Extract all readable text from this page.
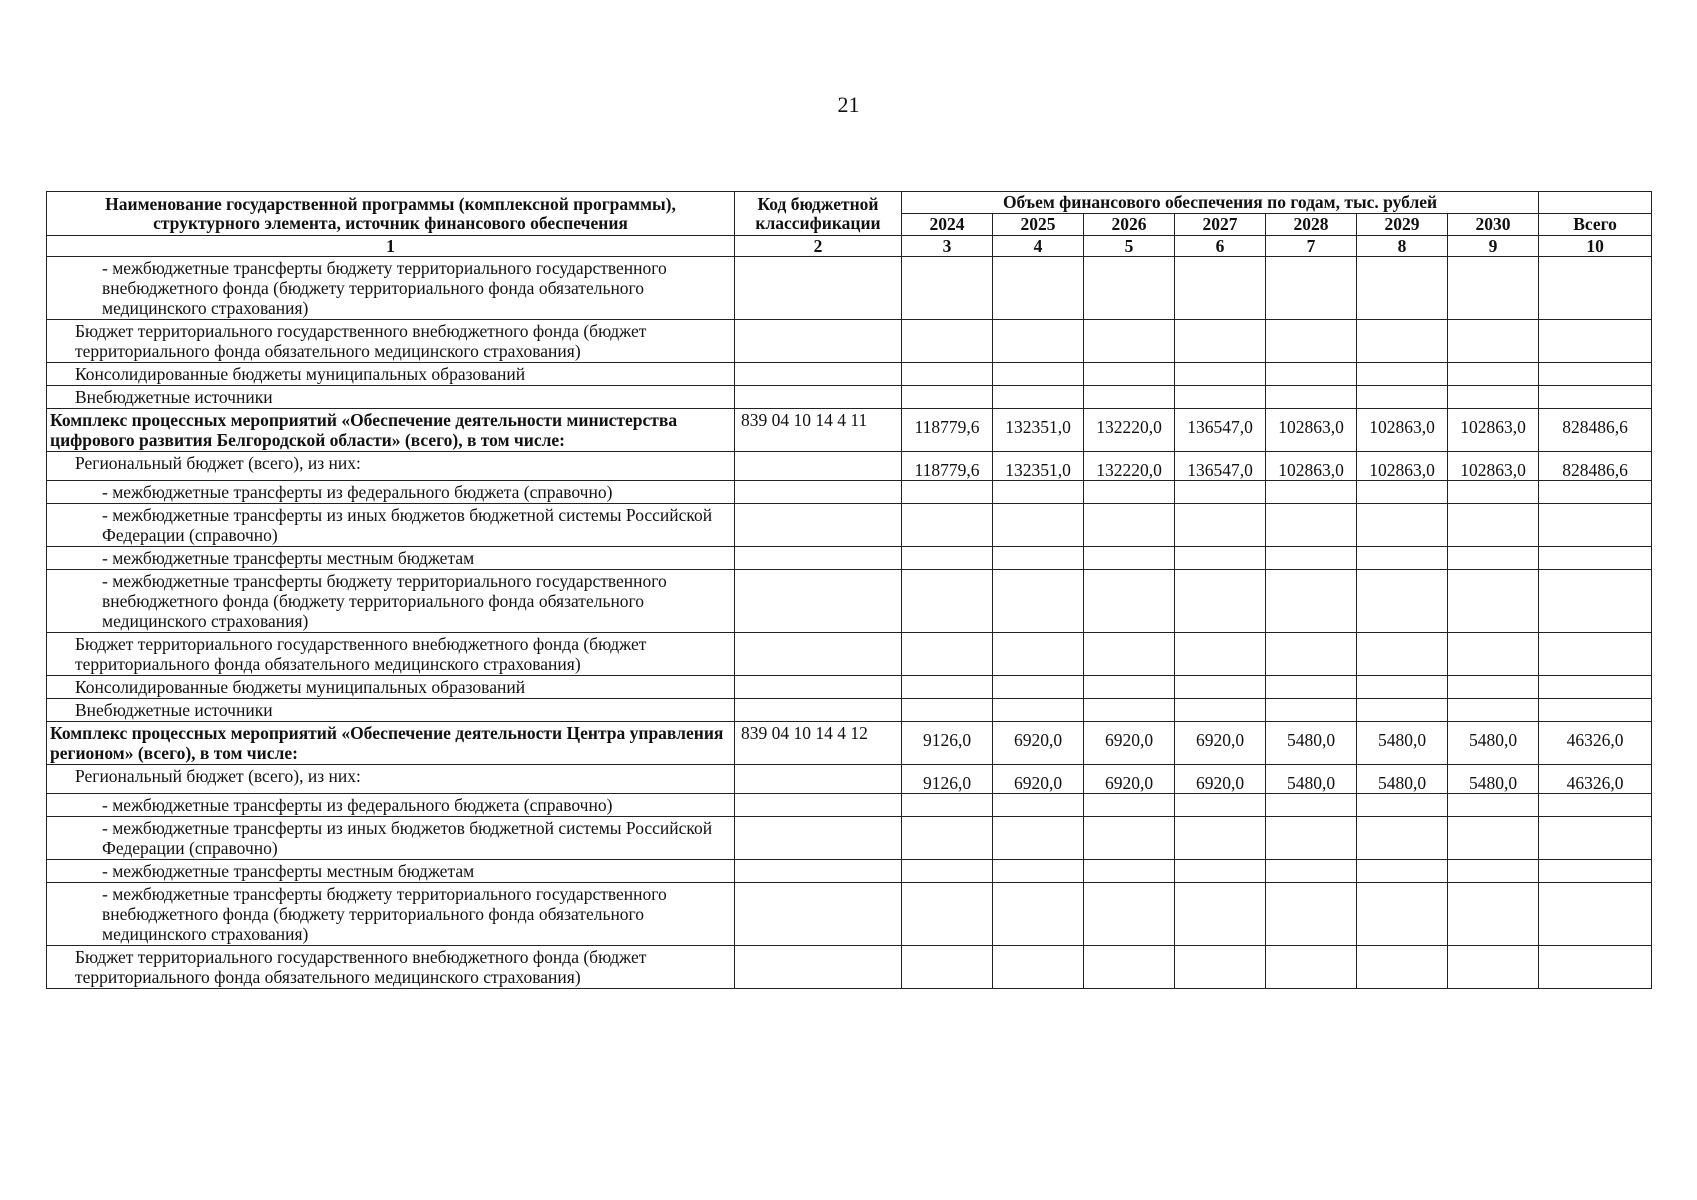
21
Наименование государственной программы (комплексной программы), структурного элемента, источник финансового обеспечения	Код бюджетной классификации	Объем финансового обеспечения по годам, тыс. рублей							
		2024	2025	2026	2027	2028	2029	2030	Всего
1	2	3	4	5	6	7	8	9	10
- межбюджетные трансферты бюджету территориального государственного внебюджетного фонда (бюджету территориального фонда обязательного медицинского страхования)									
Бюджет территориального государственного внебюджетного фонда (бюджет территориального фонда обязательного медицинского страхования)									
Консолидированные бюджеты муниципальных образований									
Внебюджетные источники									
Комплекс процессных мероприятий «Обеспечение деятельности министерства цифрового развития Белгородской области» (всего), в том числе:	839 04 10 14 4 11	118779,6	132351,0	132220,0	136547,0	102863,0	102863,0	102863,0	828486,6
Региональный бюджет (всего), из них:		118779,6	132351,0	132220,0	136547,0	102863,0	102863,0	102863,0	828486,6
- межбюджетные трансферты из федерального бюджета (справочно)									
- межбюджетные трансферты из иных бюджетов бюджетной системы Российской Федерации (справочно)									
- межбюджетные трансферты местным бюджетам									
- межбюджетные трансферты бюджету территориального государственного внебюджетного фонда (бюджету территориального фонда обязательного медицинского страхования)									
Бюджет территориального государственного внебюджетного фонда (бюджет территориального фонда обязательного медицинского страхования)									
Консолидированные бюджеты муниципальных образований									
Внебюджетные источники									
Комплекс процессных мероприятий «Обеспечение деятельности Центра управления регионом» (всего), в том числе:	839 04 10 14 4 12	9126,0	6920,0	6920,0	6920,0	5480,0	5480,0	5480,0	46326,0
Региональный бюджет (всего), из них:		9126,0	6920,0	6920,0	6920,0	5480,0	5480,0	5480,0	46326,0
- межбюджетные трансферты из федерального бюджета (справочно)									
- межбюджетные трансферты из иных бюджетов бюджетной системы Российской Федерации (справочно)									
- межбюджетные трансферты местным бюджетам									
- межбюджетные трансферты бюджету территориального государственного внебюджетного фонда (бюджету территориального фонда обязательного медицинского страхования)									
Бюджет территориального государственного внебюджетного фонда (бюджет территориального фонда обязательного медицинского страхования)									
